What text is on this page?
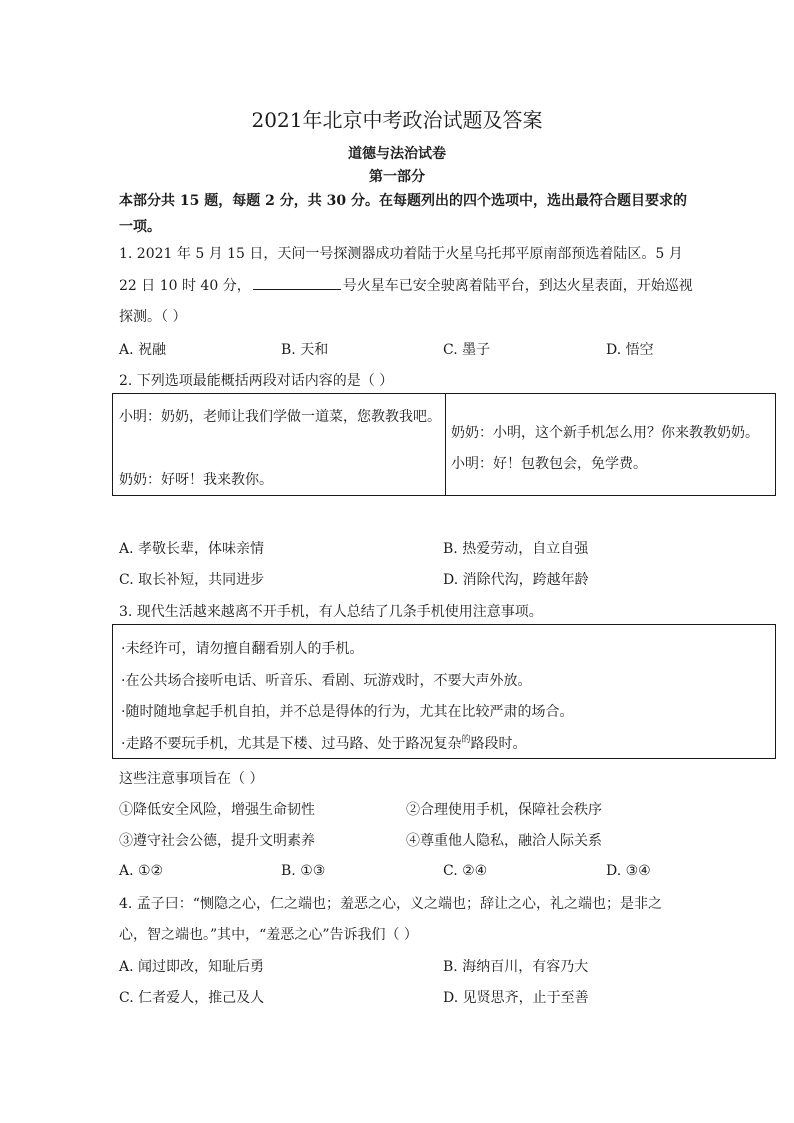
2021年北京中考政治试题及答案
道德与法治试卷
第一部分
本部分共 15 题，每题 2 分，共 30 分。在每题列出的四个选项中，选出最符合题目要求的
一项。
1. 2021 年 5 月 15 日，天问一号探测器成功着陆于火星乌托邦平原南部预选着陆区。5 月
22 日 10 时 40 分，	号火星车已安全驶离着陆平台，到达火星表面，开始巡视
探测。（ ）
A. 祝融	B. 天和	C. 墨子	D. 悟空
2. 下列选项最能概括两段对话内容的是（ ）
小明：奶奶，老师让我们学做一道菜，您教教我吧。
奶奶：好呀！我来教你。
奶奶：小明，这个新手机怎么用？你来教教奶奶。
小明：好！包教包会，免学费。
A. 孝敬长辈，体味亲情	B. 热爱劳动，自立自强
C. 取长补短，共同进步	D. 消除代沟，跨越年龄
3. 现代生活越来越离不开手机，有人总结了几条手机使用注意事项。
·未经许可，请勿擅自翻看别人的手机。
·在公共场合接听电话、听音乐、看剧、玩游戏时，不要大声外放。
·随时随地拿起手机自拍，并不总是得体的行为，尤其在比较严肃的场合。
·走路不要玩手机，尤其是下楼、过马路、处于路况复杂$^的$路段时。
这些注意事项旨在（ ）
①降低安全风险，增强生命韧性	②合理使用手机，保障社会秩序
③遵守社会公德，提升文明素养	④尊重他人隐私，融洽人际关系
A. ①②	B. ①③	C. ②④	D. ③④
4. 孟子曰：“恻隐之心，仁之端也；羞恶之心，义之端也；辞让之心，礼之端也；是非之
心，智之端也。”其中，“羞恶之心”告诉我们（ ）
A. 闻过即改，知耻后勇	B. 海纳百川，有容乃大
C. 仁者爱人，推己及人	D. 见贤思齐，止于至善
